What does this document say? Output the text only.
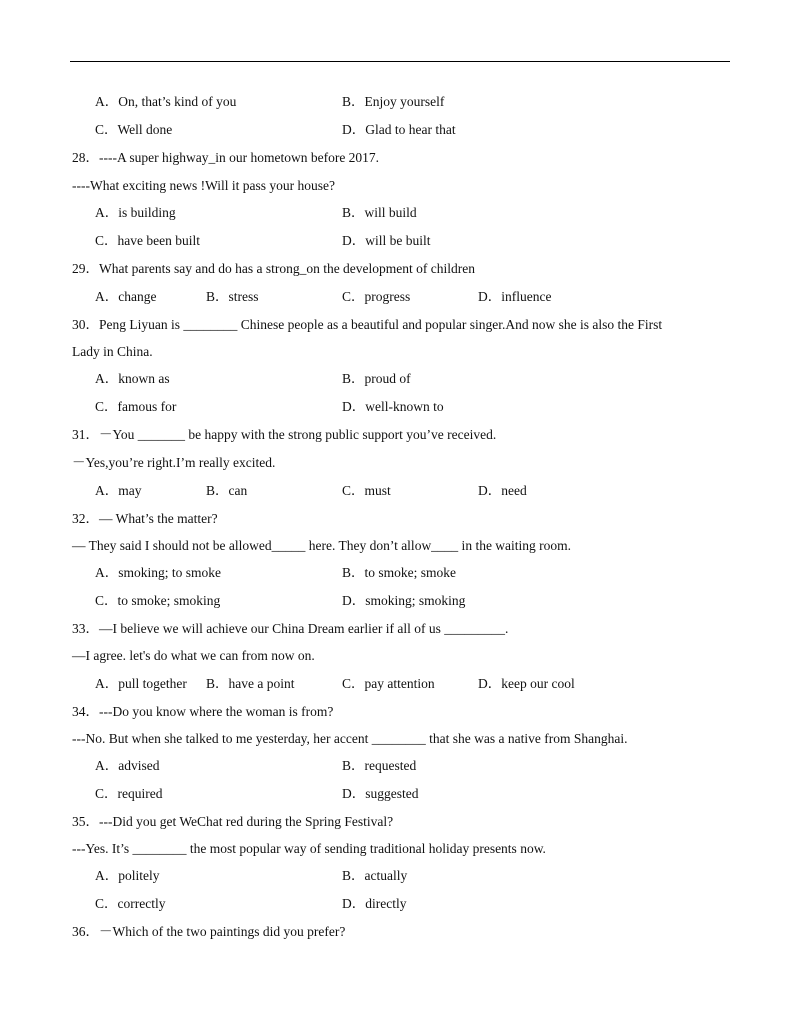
A．On, that’s kind of you	B．Enjoy yourself
C．Well done	D．Glad to hear that
28．----A super highway_in our hometown before 2017.
----What exciting news !Will it pass your house?
A．is building	B．will build
C．have been built	D．will be built
29．What parents say and do has a strong_on the development of children
A．change	B．stress	C．progress	D．influence
30．Peng Liyuan is ________ Chinese people as a beautiful and popular singer.And now she is also the First
Lady in China.
A．known as	B．proud of
C．famous for	D．well-known to
31．－You _______ be happy with the strong public support you’ve received.
－Yes,you’re right.I’m really excited.
A．may	B．can	C．must	D．need
32．— What’s the matter?
— They said I should not be allowed_____ here. They don’t allow____ in the waiting room.
A．smoking; to smoke	B．to smoke; smoke
C．to smoke; smoking	D．smoking; smoking
33．—I believe we will achieve our China Dream earlier if all of us _________.
—I agree. let's do what we can from now on.
A．pull together B．have a point	C．pay attention	D．keep our cool
34．---Do you know where the woman is from?
---No. But when she talked to me yesterday, her accent ________ that she was a native from Shanghai.
A．advised	B．requested
C．required	D．suggested
35．---Did you get WeChat red during the Spring Festival?
---Yes. It’s ________ the most popular way of sending traditional holiday presents now.
A．politely	B．actually
C．correctly	D．directly
36．－Which of the two paintings did you prefer?
